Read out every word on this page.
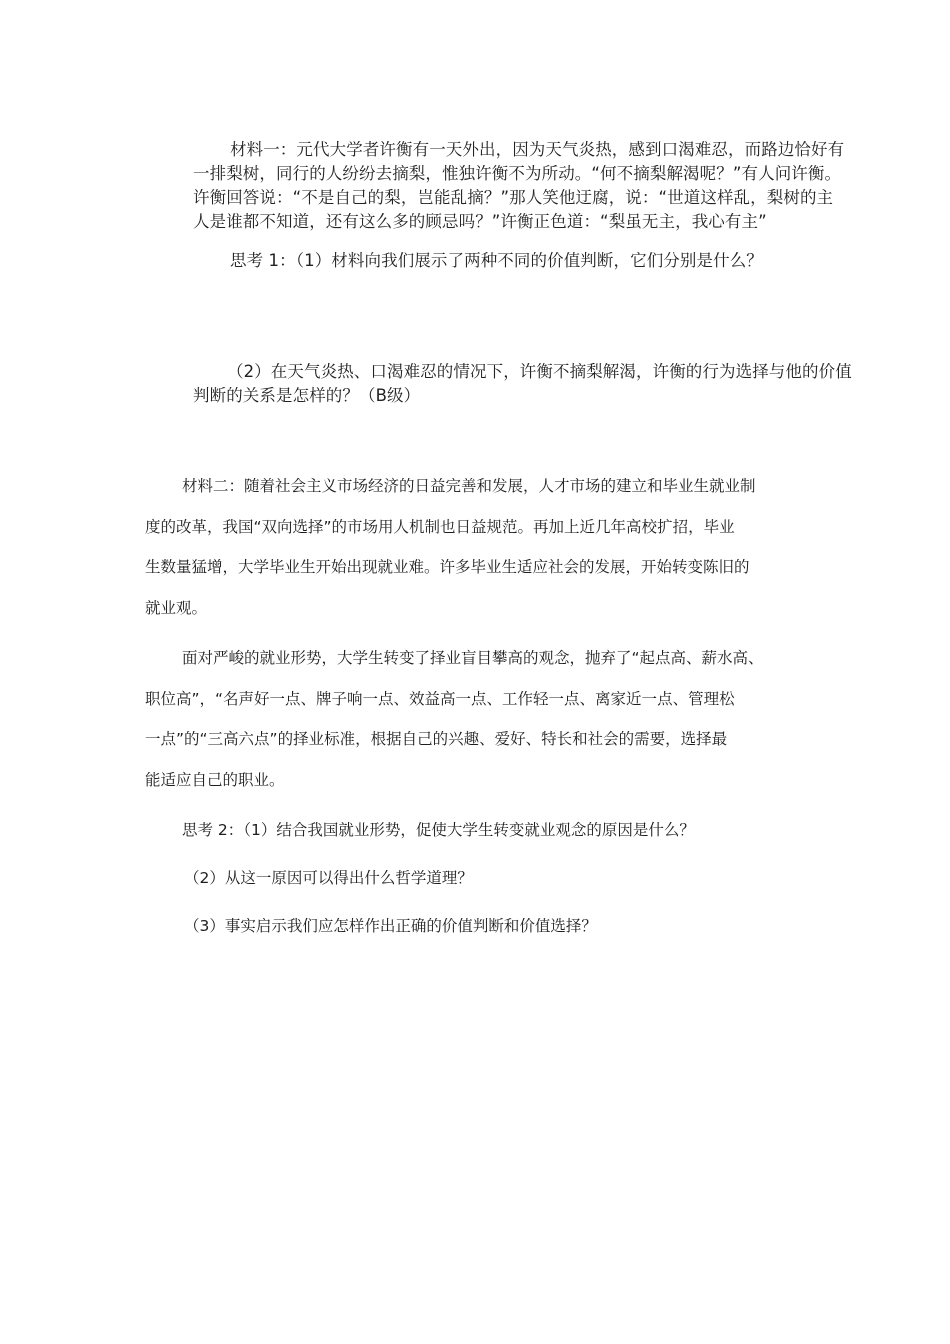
材料一：元代大学者许衡有一天外出，因为天气炎热，感到口渴难忍，而路边恰好有
一排梨树，同行的人纷纷去摘梨，惟独许衡不为所动。“何不摘梨解渴呢？”有人问许衡。
许衡回答说：“不是自己的梨，岂能乱摘？”那人笑他迂腐，说：“世道这样乱，梨树的主
人是谁都不知道，还有这么多的顾忌吗？”许衡正色道：“梨虽无主，我心有主”
思考 1：（1）材料向我们展示了两种不同的价值判断，它们分别是什么？
（2）在天气炎热、口渴难忍的情况下，许衡不摘梨解渴，许衡的行为选择与他的价值
判断的关系是怎样的？（B级）
材料二：随着社会主义市场经济的日益完善和发展，人才市场的建立和毕业生就业制
度的改革，我国“双向选择”的市场用人机制也日益规范。再加上近几年高校扩招，毕业
生数量猛增，大学毕业生开始出现就业难。许多毕业生适应社会的发展，开始转变陈旧的
就业观。
面对严峻的就业形势，大学生转变了择业盲目攀高的观念，抛弃了“起点高、薪水高、
职位高”，“名声好一点、牌子响一点、效益高一点、工作轻一点、离家近一点、管理松
一点”的“三高六点”的择业标准，根据自己的兴趣、爱好、特长和社会的需要，选择最
能适应自己的职业。
思考 2：（1）结合我国就业形势，促使大学生转变就业观念的原因是什么？
（2）从这一原因可以得出什么哲学道理？
（3）事实启示我们应怎样作出正确的价值判断和价值选择？
